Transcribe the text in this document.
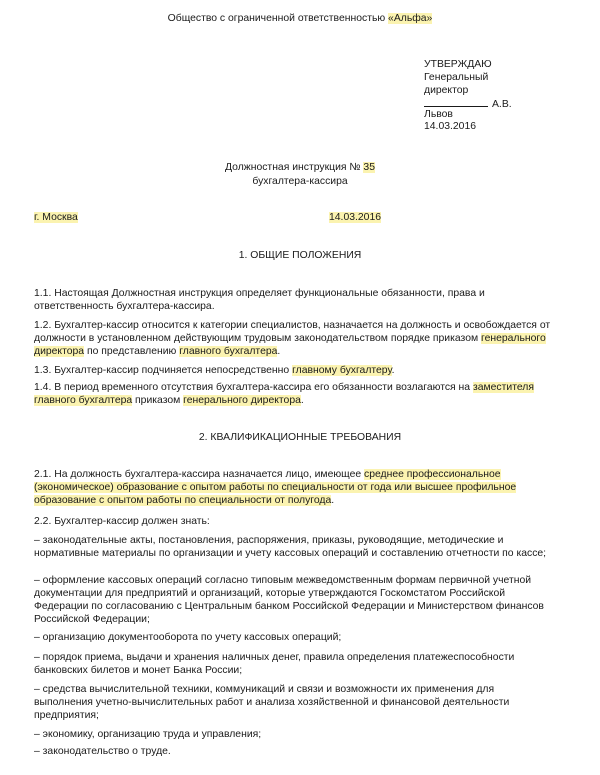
Общество с ограниченной ответственностью «Альфа»
УТВЕРЖДАЮ
Генеральный
директор
А.В.
Львов
14.03.2016
Должностная инструкция № 35
бухгалтера-кассира
г. Москва	14.03.2016
1. ОБЩИЕ ПОЛОЖЕНИЯ

1.1. Настоящая Должностная инструкция определяет функциональные обязанности, права и ответственность бухгалтера-кассира.

1.2. Бухгалтер-кассир относится к категории специалистов, назначается на должность и освобождается от должности в установленном действующим трудовым законодательством порядке приказом генерального директора по представлению главного бухгалтера.

1.3. Бухгалтер-кассир подчиняется непосредственно главному бухгалтеру.

1.4. В период временного отсутствия бухгалтера-кассира его обязанности возлагаются на заместителя главного бухгалтера приказом генерального директора.

2. КВАЛИФИКАЦИОННЫЕ ТРЕБОВАНИЯ

2.1. На должность бухгалтера-кассира назначается лицо, имеющее среднее профессиональное (экономическое) образование с опытом работы по специальности от года или высшее профильное образование с опытом работы по специальности от полугода.

2.2. Бухгалтер-кассир должен знать:

– законодательные акты, постановления, распоряжения, приказы, руководящие, методические и нормативные материалы по организации и учету кассовых операций и составлению отчетности по кассе;

– оформление кассовых операций согласно типовым межведомственным формам первичной учетной документации для предприятий и организаций, которые утверждаются Госкомстатом Российской Федерации по согласованию с Центральным банком Российской Федерации и Министерством финансов Российской Федерации;

– организацию документооборота по учету кассовых операций;

– порядок приема, выдачи и хранения наличных денег, правила определения платежеспособности банковских билетов и монет Банка России;

– средства вычислительной техники, коммуникаций и связи и возможности их применения для выполнения учетно-вычислительных работ и анализа хозяйственной и финансовой деятельности предприятия;

– экономику, организацию труда и управления;

– законодательство о труде.
